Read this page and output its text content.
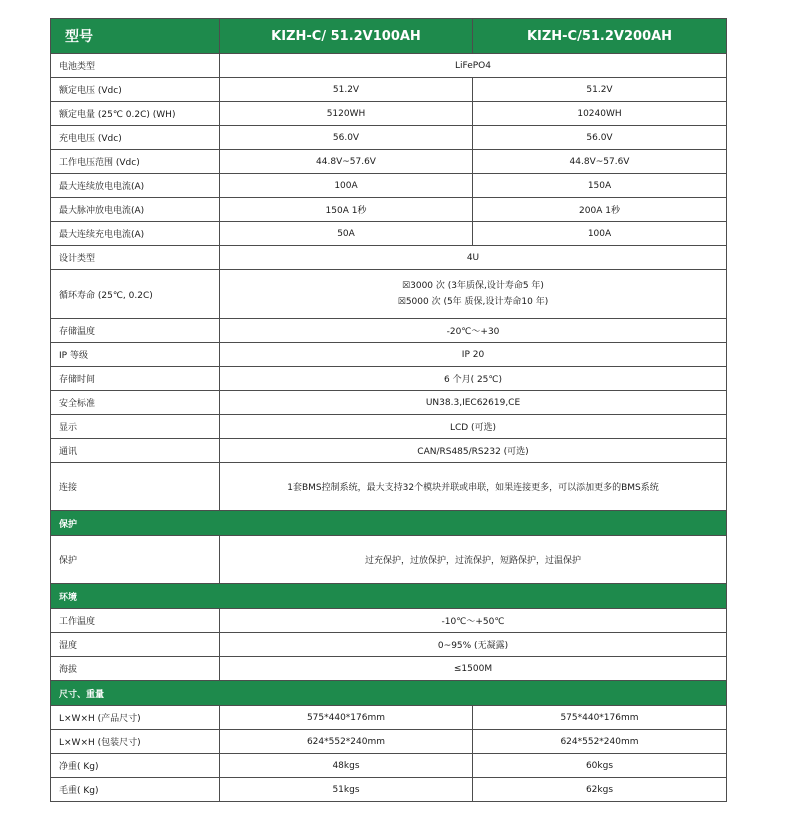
型号	KIZH-C/ 51.2V100AH	KIZH-C/51.2V200AH
电池类型	LiFePO4	
额定电压 (Vdc)	51.2V	51.2V
额定电量 (25℃ 0.2C) (WH)	5120WH	10240WH
充电电压 (Vdc)	56.0V	56.0V
工作电压范围 (Vdc)	44.8V~57.6V	44.8V~57.6V
最大连续放电电流(A)	100A	150A
最大脉冲放电电流(A)	150A 1秒	200A 1秒
最大连续充电电流(A)	50A	100A
设计类型	4U	
循环寿命 (25℃, 0.2C)	☒3000 次 (3年质保,设计寿命5 年)
☒5000 次 (5年 质保,设计寿命10 年)	

存储温度	-20℃～+30	
IP 等级	IP 20	
存储时间	6 个月( 25℃)	
安全标准	UN38.3,IEC62619,CE	
显示	LCD (可选)	
通讯	CAN/RS485/RS232 (可选)	
连接	1套BMS控制系统，最大支持32个模块并联或串联，如果连接更多，可以添加更多的BMS系统	
保护		
保护	过充保护，过放保护，过流保护，短路保护，过温保护	
环境		
工作温度	-10℃～+50℃	
湿度	0~95% (无凝露)	
海拔	≤1500M	
尺寸、重量		
L×W×H (产品尺寸)	575*440*176mm	575*440*176mm
L×W×H (包装尺寸)	624*552*240mm	624*552*240mm
净重( Kg)	48kgs	60kgs
毛重( Kg)	51kgs	62kgs
